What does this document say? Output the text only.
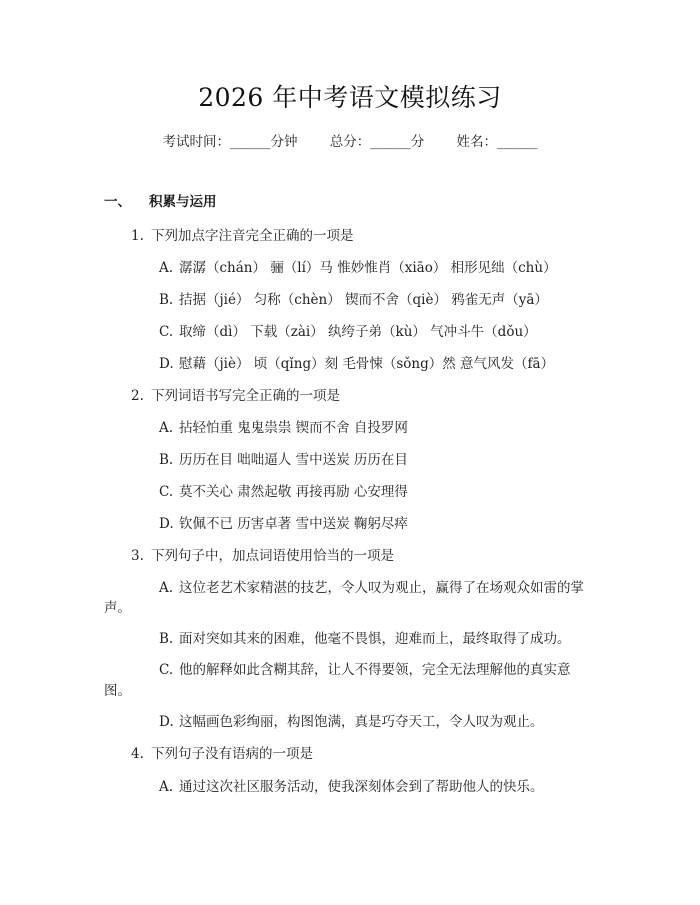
2026 年中考语文模拟练习
考试时间：______分钟 总分：______分 姓名：______
一、 积累与运用
1. 下列加点字注音完全正确的一项是
A. 潺潺（chán） 骊（lí）马 惟妙惟肖（xiāo） 相形见绌（chù）
B. 拮据（jié） 匀称（chèn） 锲而不舍（qiè） 鸦雀无声（yā）
C. 取缔（dì） 下载（zài） 纨绔子弟（kù） 气冲斗牛（dǒu）
D. 慰藉（jiè） 顷（qǐng）刻 毛骨悚（sǒng）然 意气风发（fā）
2. 下列词语书写完全正确的一项是
A. 拈轻怕重 鬼鬼祟祟 锲而不舍 自投罗网
B. 历历在目 咄咄逼人 雪中送炭 历历在目
C. 莫不关心 肃然起敬 再接再励 心安理得
D. 钦佩不已 历害卓著 雪中送炭 鞠躬尽瘁
3. 下列句子中，加点词语使用恰当的一项是
A. 这位老艺术家精湛的技艺，令人叹为观止，赢得了在场观众如雷的掌
声。
B. 面对突如其来的困难，他毫不畏惧，迎难而上，最终取得了成功。
C. 他的解释如此含糊其辞，让人不得要领，完全无法理解他的真实意
图。
D. 这幅画色彩绚丽，构图饱满，真是巧夺天工，令人叹为观止。
4. 下列句子没有语病的一项是
A. 通过这次社区服务活动，使我深刻体会到了帮助他人的快乐。
